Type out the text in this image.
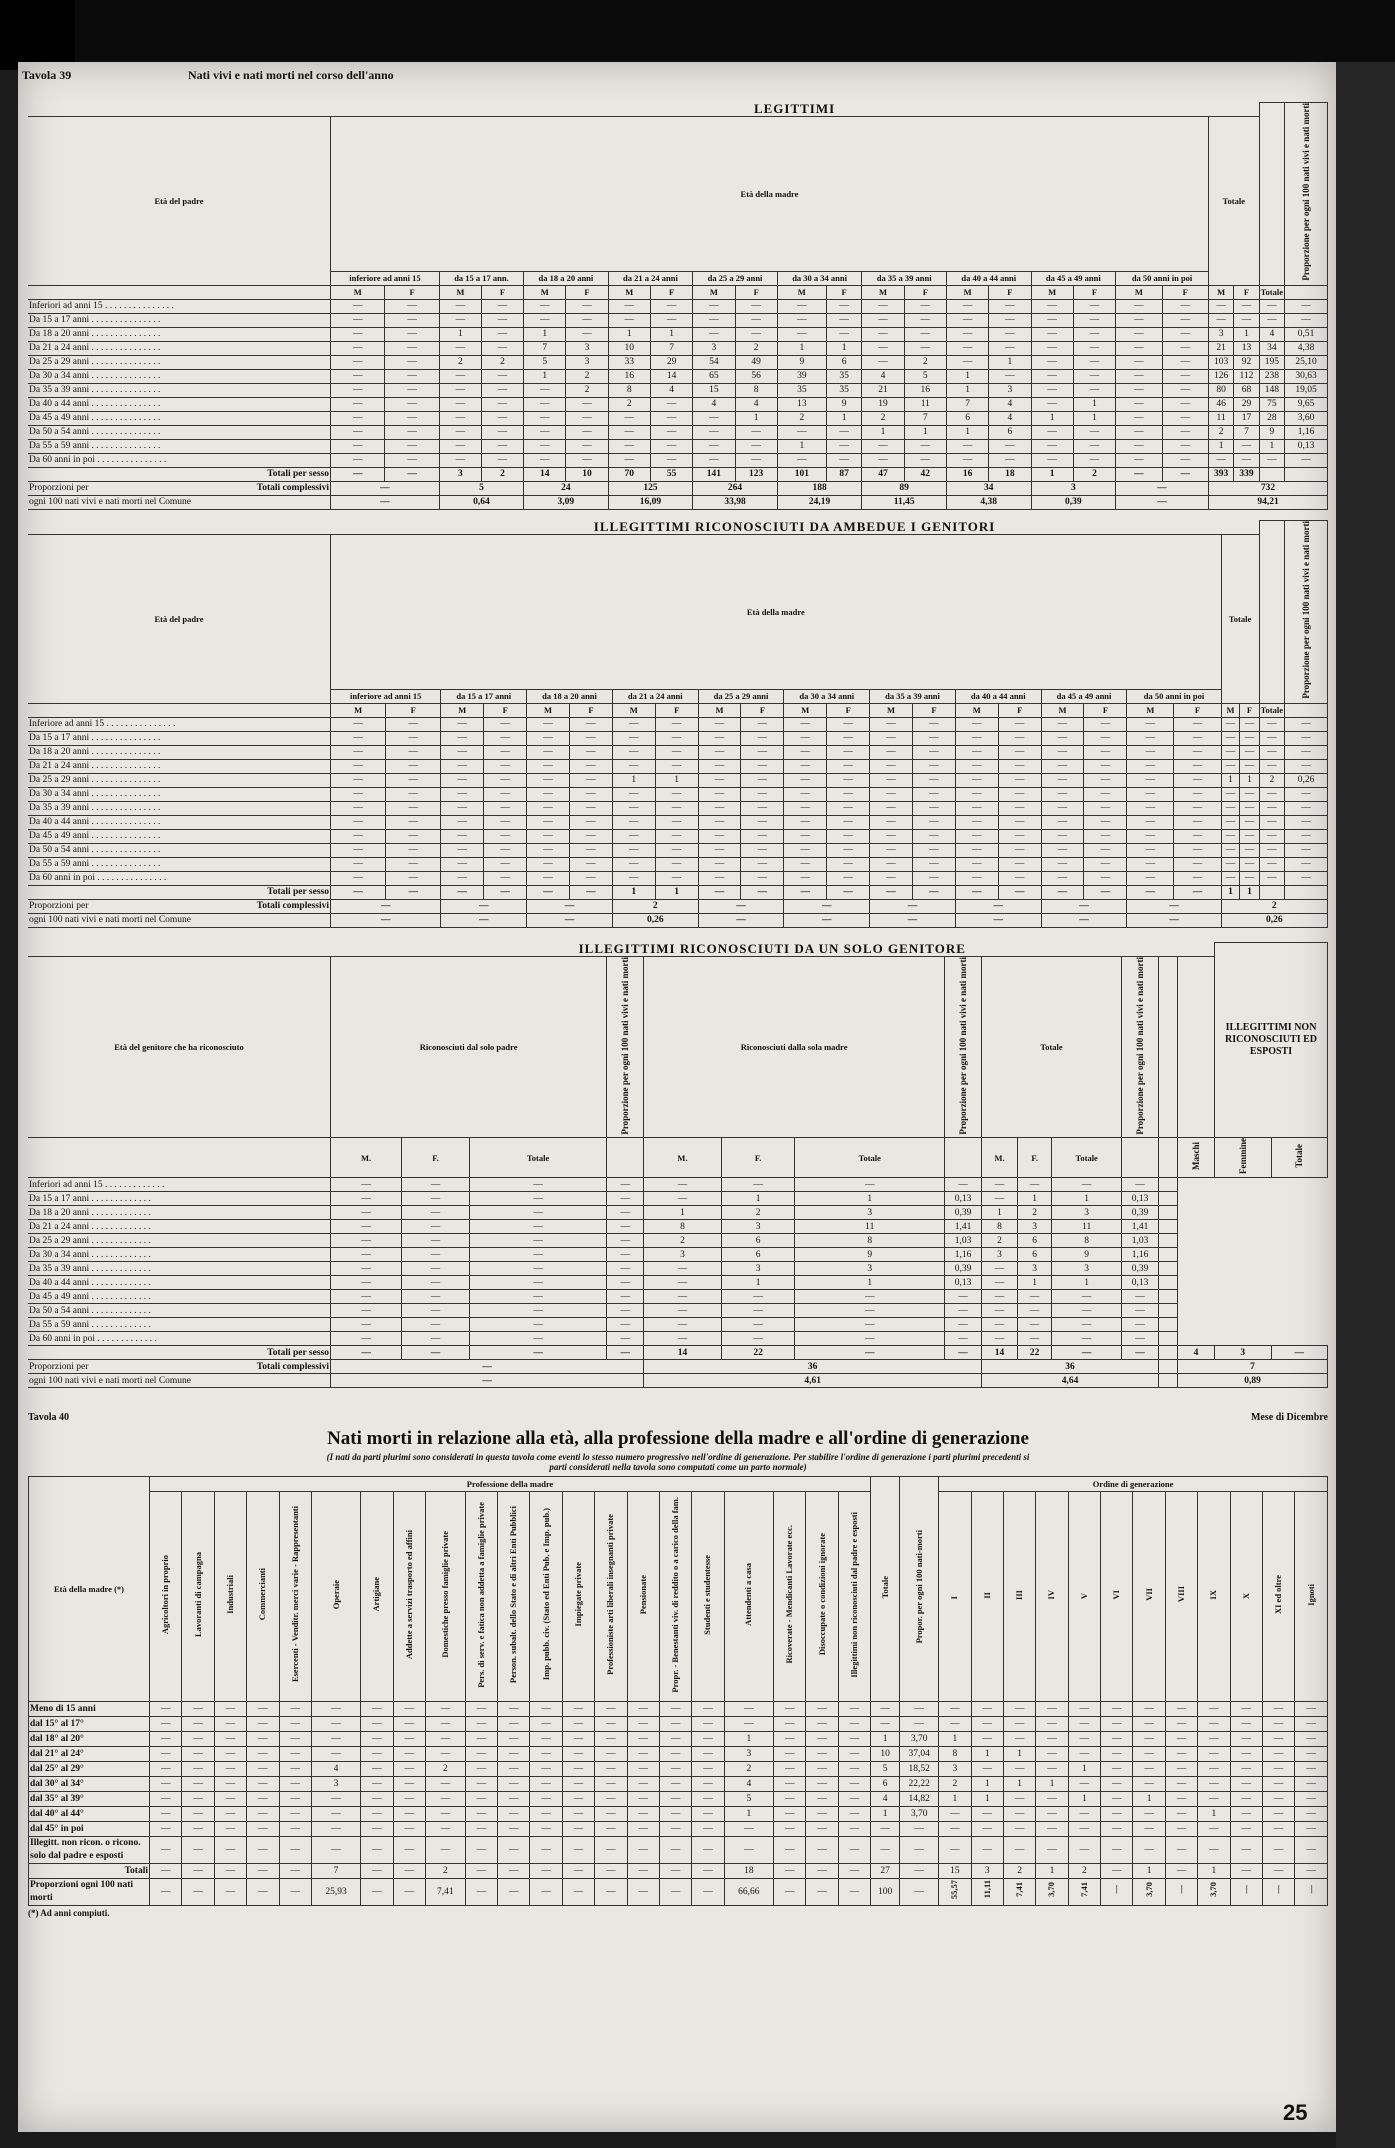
Tavola 39	Nati vivi e nati morti nel corso dell'anno

	LEGITTIMI																							Proporzione per ogni 100 nati vivi e nati morti
Età del padre	Età della madre																				Totale			
	inferiore ad anni 15		da 15 a 17 ann.		da 18 a 20 anni		da 21 a 24 anni		da 25 a 29 anni		da 30 a 34 anni		da 35 a 39 anni		da 40 a 44 anni		da 45 a 49 anni		da 50 anni in poi					
	M	F	M	F	M	F	M	F	M	F	M	F	M	F	M	F	M	F	M	F	M	F	Totale	
Inferiori ad anni 15 . . . . . . . . . . . . . . .	—	—	—	—	—	—	—	—	—	—	—	—	—	—	—	—	—	—	—	—	—	—	—	—
Da 15 a 17 anni . . . . . . . . . . . . . . .	—	—	—	—	—	—	—	—	—	—	—	—	—	—	—	—	—	—	—	—	—	—	—	—
Da 18 a 20 anni . . . . . . . . . . . . . . .	—	—	1	—	1	—	1	1	—	—	—	—	—	—	—	—	—	—	—	—	3	1	4	0,51
Da 21 a 24 anni . . . . . . . . . . . . . . .	—	—	—	—	7	3	10	7	3	2	1	1	—	—	—	—	—	—	—	—	21	13	34	4,38
Da 25 a 29 anni . . . . . . . . . . . . . . .	—	—	2	2	5	3	33	29	54	49	9	6	—	2	—	1	—	—	—	—	103	92	195	25,10
Da 30 a 34 anni . . . . . . . . . . . . . . .	—	—	—	—	1	2	16	14	65	56	39	35	4	5	1	—	—	—	—	—	126	112	238	30,63
Da 35 a 39 anni . . . . . . . . . . . . . . .	—	—	—	—	—	2	8	4	15	8	35	35	21	16	1	3	—	—	—	—	80	68	148	19,05
Da 40 a 44 anni . . . . . . . . . . . . . . .	—	—	—	—	—	—	2	—	4	4	13	9	19	11	7	4	—	1	—	—	46	29	75	9,65
Da 45 a 49 anni . . . . . . . . . . . . . . .	—	—	—	—	—	—	—	—	—	1	2	1	2	7	6	4	1	1	—	—	11	17	28	3,60
Da 50 a 54 anni . . . . . . . . . . . . . . .	—	—	—	—	—	—	—	—	—	—	—	—	1	1	1	6	—	—	—	—	2	7	9	1,16
Da 55 a 59 anni . . . . . . . . . . . . . . .	—	—	—	—	—	—	—	—	—	—	1	—	—	—	—	—	—	—	—	—	1	—	1	0,13
Da 60 anni in poi . . . . . . . . . . . . . . .	—	—	—	—	—	—	—	—	—	—	—	—	—	—	—	—	—	—	—	—	—	—	—	—
Totali per sesso	—	—	3	2	14	10	70	55	141	123	101	87	47	42	16	18	1	2	—	—	393	339		
Proporzioni per Totali complessivi	—		5		24		125		264		188		89		34		3		—		732			
ogni 100 nati vivi e nati morti nel Comune	—		0,64		3,09		16,09		33,98		24,19		11,45		4,38		0,39		—		94,21			

	ILLEGITTIMI RICONOSCIUTI DA AMBEDUE I GENITORI																							Proporzione per ogni 100 nati vivi e nati morti
Età del padre	Età della madre																				Totale			
	inferiore ad anni 15		da 15 a 17 anni		da 18 a 20 anni		da 21 a 24 anni		da 25 a 29 anni		da 30 a 34 anni		da 35 a 39 anni		da 40 a 44 anni		da 45 a 49 anni		da 50 anni in poi					
	M	F	M	F	M	F	M	F	M	F	M	F	M	F	M	F	M	F	M	F	M	F	Totale	
Inferiore ad anni 15 . . . . . . . . . . . . . . .	—	—	—	—	—	—	—	—	—	—	—	—	—	—	—	—	—	—	—	—	—	—	—	—
Da 15 a 17 anni . . . . . . . . . . . . . . .	—	—	—	—	—	—	—	—	—	—	—	—	—	—	—	—	—	—	—	—	—	—	—	—
Da 18 a 20 anni . . . . . . . . . . . . . . .	—	—	—	—	—	—	—	—	—	—	—	—	—	—	—	—	—	—	—	—	—	—	—	—
Da 21 a 24 anni . . . . . . . . . . . . . . .	—	—	—	—	—	—	—	—	—	—	—	—	—	—	—	—	—	—	—	—	—	—	—	—
Da 25 a 29 anni . . . . . . . . . . . . . . .	—	—	—	—	—	—	1	1	—	—	—	—	—	—	—	—	—	—	—	—	1	1	2	0,26
Da 30 a 34 anni . . . . . . . . . . . . . . .	—	—	—	—	—	—	—	—	—	—	—	—	—	—	—	—	—	—	—	—	—	—	—	—
Da 35 a 39 anni . . . . . . . . . . . . . . .	—	—	—	—	—	—	—	—	—	—	—	—	—	—	—	—	—	—	—	—	—	—	—	—
Da 40 a 44 anni . . . . . . . . . . . . . . .	—	—	—	—	—	—	—	—	—	—	—	—	—	—	—	—	—	—	—	—	—	—	—	—
Da 45 a 49 anni . . . . . . . . . . . . . . .	—	—	—	—	—	—	—	—	—	—	—	—	—	—	—	—	—	—	—	—	—	—	—	—
Da 50 a 54 anni . . . . . . . . . . . . . . .	—	—	—	—	—	—	—	—	—	—	—	—	—	—	—	—	—	—	—	—	—	—	—	—
Da 55 a 59 anni . . . . . . . . . . . . . . .	—	—	—	—	—	—	—	—	—	—	—	—	—	—	—	—	—	—	—	—	—	—	—	—
Da 60 anni in poi . . . . . . . . . . . . . . .	—	—	—	—	—	—	—	—	—	—	—	—	—	—	—	—	—	—	—	—	—	—	—	—
Totali per sesso	—	—	—	—	—	—	1	1	—	—	—	—	—	—	—	—	—	—	—	—	1	1		
Proporzioni per Totali complessivi	—		—		—		2		—		—		—		—		—		—		2			
ogni 100 nati vivi e nati morti nel Comune	—		—		—		0,26		—		—		—		—		—		—		0,26			

	ILLEGITTIMI RICONOSCIUTI DA UN SOLO GENITORE														ILLEGITTIMI NON RICONOSCIUTI ED ESPOSTI	
Età del genitore che ha riconosciuto	Riconosciuti dal solo padre			Proporzione per ogni 100 nati vivi e nati morti	Riconosciuti dalla sola madre			Proporzione per ogni 100 nati vivi e nati morti	Totale			Proporzione per ogni 100 nati vivi e nati morti				
	M.	F.	Totale		M.	F.	Totale		M.	F.	Totale			Maschi	Femmine	Totale
Inferiori ad anni 15 . . . . . . . . . . . . .	—	—	—	—	—	—	—	—	—	—	—	—				
Da 15 a 17 anni . . . . . . . . . . . . .	—	—	—	—	—	1	1	0,13	—	1	1	0,13				
Da 18 a 20 anni . . . . . . . . . . . . .	—	—	—	—	1	2	3	0,39	1	2	3	0,39				
Da 21 a 24 anni . . . . . . . . . . . . .	—	—	—	—	8	3	11	1,41	8	3	11	1,41				
Da 25 a 29 anni . . . . . . . . . . . . .	—	—	—	—	2	6	8	1,03	2	6	8	1,03				
Da 30 a 34 anni . . . . . . . . . . . . .	—	—	—	—	3	6	9	1,16	3	6	9	1,16				
Da 35 a 39 anni . . . . . . . . . . . . .	—	—	—	—	—	3	3	0,39	—	3	3	0,39				
Da 40 a 44 anni . . . . . . . . . . . . .	—	—	—	—	—	1	1	0,13	—	1	1	0,13				
Da 45 a 49 anni . . . . . . . . . . . . .	—	—	—	—	—	—	—	—	—	—	—	—				
Da 50 a 54 anni . . . . . . . . . . . . .	—	—	—	—	—	—	—	—	—	—	—	—				
Da 55 a 59 anni . . . . . . . . . . . . .	—	—	—	—	—	—	—	—	—	—	—	—				
Da 60 anni in poi . . . . . . . . . . . . .	—	—	—	—	—	—	—	—	—	—	—	—				
Totali per sesso	—	—	—	—	14	22	—	—	14	22	—	—		4	3	—
Proporzioni per Totali complessivi	—				36				36					7		
ogni 100 nati vivi e nati morti nel Comune	—				4,61				4,64					0,89		
Tavola 40	Mese di Dicembre

Nati morti in relazione alla età, alla professione della madre e all'ordine di generazione

(I nati da parti plurimi sono considerati in questa tavola come eventi lo stesso numero progressivo nell'ordine di generazione. Per stabilire l'ordine di generazione i parti plurimi precedenti si
parti considerati nella tavola sono computati come un parto normale)

Età della madre (*)	Professione della madre																					Totale	Propor. per ogni 100 nati-morti	Ordine di generazione											
	Agricoltori in proprio	Lavoranti di campagna	Industriali	Commercianti	Esercenti - Venditr. merci varie - Rappresentanti	Operaie	Artigiane	Addette a servizi trasporto ed affini	Domestiche presso famiglie private	Pers. di serv. e fatica non addetta a famiglie private	Person. subalt. dello Stato e di altri Enti Pubblici	Imp. pubb. civ. (Stato ed Enti Pub. e Imp. pub.)	Impiegate private	Professioniste arti liberali insegnanti private	Pensionate	Propr. - Benestanti viv. di reddito o a carico della fam.	Studenti e studentesse	Attendenti a casa	Ricoverate - Mendicanti Lavorate ecc.	Disoccupate o condizioni ignorate	Illegittimi non riconosciuti dal padre e esposti			I	II	III	IV	V	VI	VII	VIII	IX	X	XI ed oltre	Ignoti
Meno di 15 anni	—	—	—	—	—	—	—	—	—	—	—	—	—	—	—	—	—	—	—	—	—	—	—	—	—	—	—	—	—	—	—	—	—	—	—
dal 15° al 17°	—	—	—	—	—	—	—	—	—	—	—	—	—	—	—	—	—	—	—	—	—	—	—	—	—	—	—	—	—	—	—	—	—	—	—
dal 18° al 20°	—	—	—	—	—	—	—	—	—	—	—	—	—	—	—	—	—	1	—	—	—	1	3,70	1	—	—	—	—	—	—	—	—	—	—	—
dal 21° al 24°	—	—	—	—	—	—	—	—	—	—	—	—	—	—	—	—	—	3	—	—	—	10	37,04	8	1	1	—	—	—	—	—	—	—	—	—
dal 25° al 29°	—	—	—	—	—	4	—	—	2	—	—	—	—	—	—	—	—	2	—	—	—	5	18,52	3	—	—	—	1	—	—	—	—	—	—	—
dal 30° al 34°	—	—	—	—	—	3	—	—	—	—	—	—	—	—	—	—	—	4	—	—	—	6	22,22	2	1	1	1	—	—	—	—	—	—	—	—
dal 35° al 39°	—	—	—	—	—	—	—	—	—	—	—	—	—	—	—	—	—	5	—	—	—	4	14,82	1	1	—	—	1	—	1	—	—	—	—	—
dal 40° al 44°	—	—	—	—	—	—	—	—	—	—	—	—	—	—	—	—	—	1	—	—	—	1	3,70	—	—	—	—	—	—	—	—	1	—	—	—
dal 45° in poi	—	—	—	—	—	—	—	—	—	—	—	—	—	—	—	—	—	—	—	—	—	—	—	—	—	—	—	—	—	—	—	—	—	—	—
Illegitt. non ricon. o ricono. solo dal padre e esposti	—	—	—	—	—	—	—	—	—	—	—	—	—	—	—	—	—	—	—	—	—	—	—	—	—	—	—	—	—	—	—	—	—	—	—
Totali	—	—	—	—	—	7	—	—	2	—	—	—	—	—	—	—	—	18	—	—	—	27	—	15	3	2	1	2	—	1	—	1	—	—	—
Proporzioni ogni 100 nati morti	—	—	—	—	—	25,93	—	—	7,41	—	—	—	—	—	—	—	—	66,66	—	—	—	100	—	55,57	11,11	7,41	3,70	7,41	—	3,70	—	3,70	—	—	—
(*) Ad anni compiuti.
25
